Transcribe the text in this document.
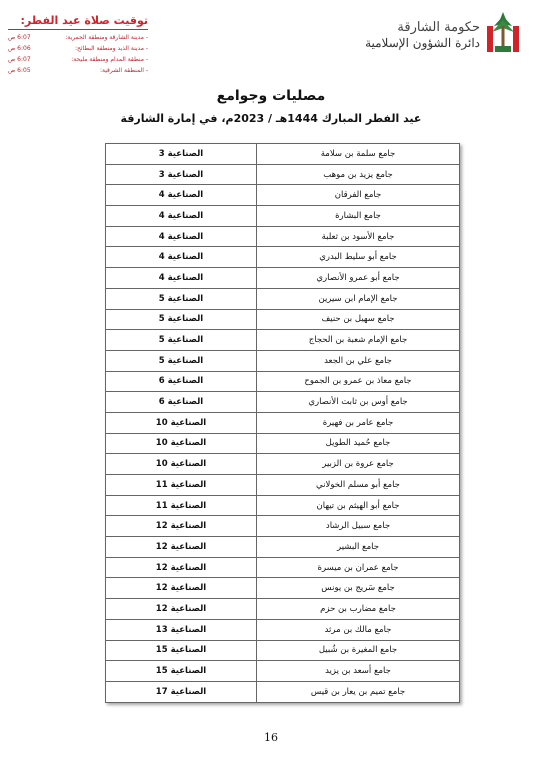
حكومة الشارقة
دائرة الشؤون الإسلامية
توقيت صلاة عيد الفطر:
- مدينة الشارقة ومنطقة الحمرية:
6:07 ص
- مدينة الذيد ومنطقة البطائح:
6:06 ص
- منطقة المدام ومنطقة مليحة:
6:07 ص
- المنطقة الشرقية:
6:05 ص
مصليات وجوامع
عيد الفطر المبارك 1444هـ / 2023م، في إمارة الشارقة
جامع سلمة بن سلامة	الصناعية 3
جامع يزيد بن موهب	الصناعية 3
جامع الفرقان	الصناعية 4
جامع البشارة	الصناعية 4
جامع الأسود بن ثعلبة	الصناعية 4
جامع أبو سليط البدري	الصناعية 4
جامع أبو عمرو الأنصاري	الصناعية 4
جامع الإمام ابن سيرين	الصناعية 5
جامع سهيل بن حنيف	الصناعية 5
جامع الإمام شعبة بن الحجاج	الصناعية 5
جامع علي بن الجعد	الصناعية 5
جامع معاذ بن عمرو بن الجموح	الصناعية 6
جامع أوس بن ثابت الأنصاري	الصناعية 6
جامع عامر بن فهيرة	الصناعية 10
جامع حُميد الطويل	الصناعية 10
جامع عروة بن الزبير	الصناعية 10
جامع أبو مسلم الخولاني	الصناعية 11
جامع أبو الهيثم بن تيهان	الصناعية 11
جامع سبيل الرشاد	الصناعية 12
جامع البشير	الصناعية 12
جامع عمران بن ميسرة	الصناعية 12
جامع سَريج بن يونس	الصناعية 12
جامع مضارب بن حزم	الصناعية 12
جامع مالك بن مرثد	الصناعية 13
جامع المغيرة بن شُبيل	الصناعية 15
جامع أسعد بن يزيد	الصناعية 15
جامع تميم بن يعار بن قيس	الصناعية 17
16
